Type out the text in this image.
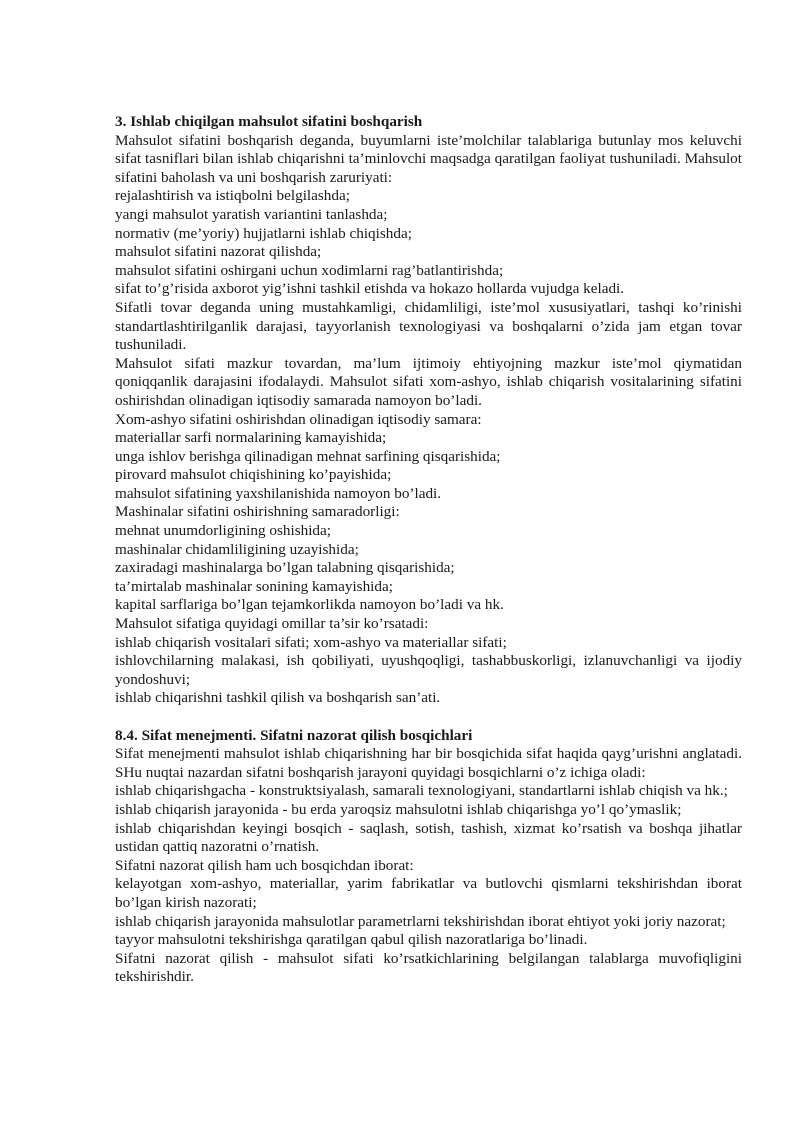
3. Ishlab chiqilgan mahsulot sifatini boshqarish

Mahsulot sifatini boshqarish deganda, buyumlarni iste’molchilar talablariga butunlay mos keluvchi sifat tasniflari bilan ishlab chiqarishni ta’minlovchi maqsadga qaratilgan faoliyat tushuniladi. Mahsulot sifatini baholash va uni boshqarish zaruriyati:

rejalashtirish va istiqbolni belgilashda;

yangi mahsulot yaratish variantini tanlashda;

normativ (me’yoriy) hujjatlarni ishlab chiqishda;

mahsulot sifatini nazorat qilishda;

mahsulot sifatini oshirgani uchun xodimlarni rag’batlantirishda;

sifat to’g’risida axborot yig’ishni tashkil etishda va hokazo hollarda vujudga keladi.

Sifatli tovar deganda uning mustahkamligi, chidamliligi, iste’mol xususiyatlari, tashqi ko’rinishi standartlashtirilganlik darajasi, tayyorlanish texnologiyasi va boshqalarni o’zida jam etgan tovar tushuniladi.

Mahsulot sifati mazkur tovardan, ma’lum ijtimoiy ehtiyojning mazkur iste’mol qiymatidan qoniqqanlik darajasini ifodalaydi. Mahsulot sifati xom-ashyo, ishlab chiqarish vositalarining sifatini oshirishdan olinadigan iqtisodiy samarada namoyon bo’ladi.

Xom-ashyo sifatini oshirishdan olinadigan iqtisodiy samara:

materiallar sarfi normalarining kamayishida;

unga ishlov berishga qilinadigan mehnat sarfining qisqarishida;

pirovard mahsulot chiqishining ko’payishida;

mahsulot sifatining yaxshilanishida namoyon bo’ladi.

Mashinalar sifatini oshirishning samaradorligi:

mehnat unumdorligining oshishida;

mashinalar chidamliligining uzayishida;

zaxiradagi mashinalarga bo’lgan talabning qisqarishida;

ta’mirtalab mashinalar sonining kamayishida;

kapital sarflariga bo’lgan tejamkorlikda namoyon bo’ladi va hk.

Mahsulot sifatiga quyidagi omillar ta’sir ko’rsatadi:

ishlab chiqarish vositalari sifati; xom-ashyo va materiallar sifati;

ishlovchilarning malakasi, ish qobiliyati, uyushqoqligi, tashabbuskorligi, izlanuvchanligi va ijodiy yondoshuvi;

ishlab chiqarishni tashkil qilish va boshqarish san’ati.

8.4. Sifat menejmenti. Sifatni nazorat qilish bosqichlari

Sifat menejmenti mahsulot ishlab chiqarishning har bir bosqichida sifat haqida qayg’urishni anglatadi. SHu nuqtai nazardan sifatni boshqarish jarayoni quyidagi bosqichlarni o’z ichiga oladi:

ishlab chiqarishgacha - konstruktsiyalash, samarali texnologiyani, standartlarni ishlab chiqish va hk.;

ishlab chiqarish jarayonida - bu erda yaroqsiz mahsulotni ishlab chiqarishga yo’l qo’ymaslik;

ishlab chiqarishdan keyingi bosqich - saqlash, sotish, tashish, xizmat ko’rsatish va boshqa jihatlar ustidan qattiq nazoratni o’rnatish.

Sifatni nazorat qilish ham uch bosqichdan iborat:

kelayotgan xom-ashyo, materiallar, yarim fabrikatlar va butlovchi qismlarni tekshirishdan iborat bo’lgan kirish nazorati;

ishlab chiqarish jarayonida mahsulotlar parametrlarni tekshirishdan iborat ehtiyot yoki joriy nazorat;

tayyor mahsulotni tekshirishga qaratilgan qabul qilish nazoratlariga bo’linadi.

Sifatni nazorat qilish - mahsulot sifati ko’rsatkichlarining belgilangan talablarga muvofiqligini tekshirishdir.
